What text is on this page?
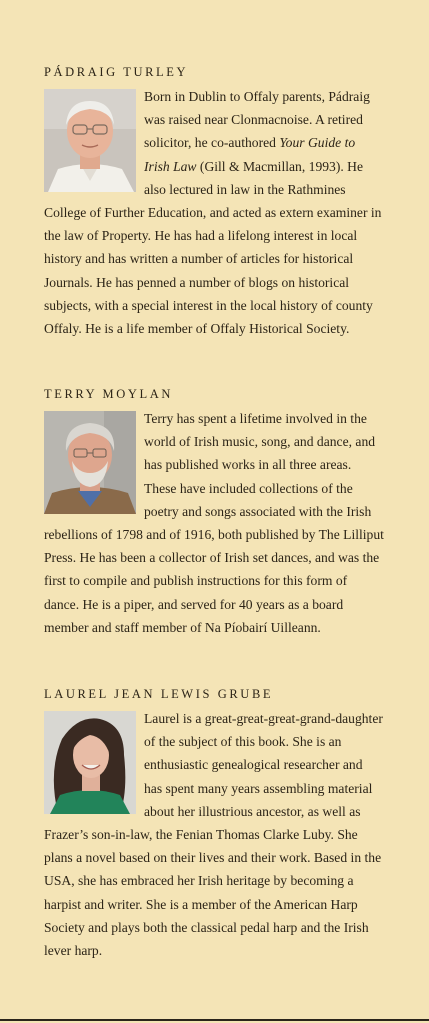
PÁDRAIG TURLEY
Born in Dublin to Offaly parents, Pádraig was raised near Clonmacnoise. A retired solicitor, he co-authored Your Guide to Irish Law (Gill & Macmillan, 1993). He also lectured in law in the Rathmines College of Further Education, and acted as extern examiner in the law of Property. He has had a lifelong interest in local history and has written a number of articles for historical Journals. He has penned a number of blogs on historical subjects, with a special interest in the local history of county Offaly. He is a life member of Offaly Historical Society.
TERRY MOYLAN
Terry has spent a lifetime involved in the world of Irish music, song, and dance, and has published works in all three areas. These have included collections of the poetry and songs associated with the Irish rebellions of 1798 and of 1916, both published by The Lilliput Press. He has been a collector of Irish set dances, and was the first to compile and publish instructions for this form of dance. He is a piper, and served for 40 years as a board member and staff member of Na Píobairí Uilleann.
LAUREL JEAN LEWIS GRUBE
Laurel is a great-great-great-grand-daughter of the subject of this book. She is an enthusiastic genealogical researcher and has spent many years assembling material about her illustrious ancestor, as well as Frazer’s son-in-law, the Fenian Thomas Clarke Luby. She plans a novel based on their lives and their work. Based in the USA, she has embraced her Irish heritage by becoming a harpist and writer. She is a member of the American Harp Society and plays both the classical pedal harp and the Irish lever harp.
